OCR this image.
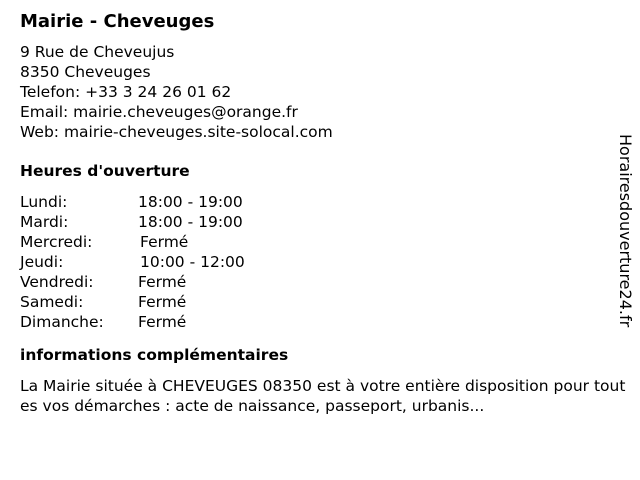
Mairie - Cheveuges
9 Rue de Cheveujus
8350 Cheveuges
Telefon: +33 3 24 26 01 62
Email: mairie.cheveuges@orange.fr
Web: mairie-cheveuges.site-solocal.com
Heures d'ouverture
Lundi:	18:00 - 19:00
Mardi:	18:00 - 19:00
Mercredi:	Fermé
Jeudi:	10:00 - 12:00
Vendredi:	Fermé
Samedi:	Fermé
Dimanche:	Fermé
informations complémentaires
La Mairie située à CHEVEUGES 08350 est à votre entière disposition pour toutes vos démarches : acte de naissance, passeport, urbanis...
Horairesdouverture24.fr
